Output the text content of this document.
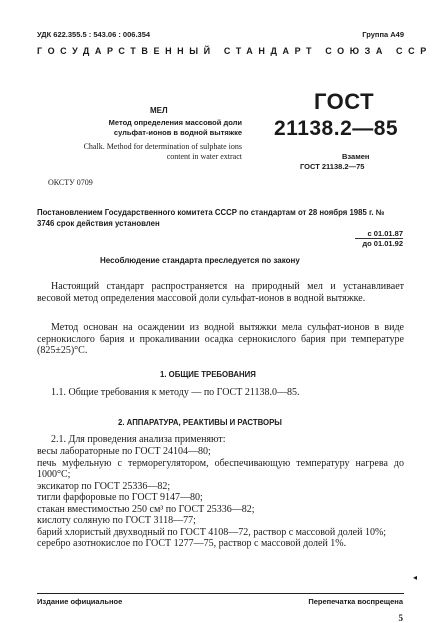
УДК 622.355.5 : 543.06 : 006.354	Группа А49
ГОСУДАРСТВЕННЫЙ СТАНДАРТ СОЮЗА ССР
МЕЛ
Метод определения массовой доли сульфат-ионов в водной вытяжке
Chalk. Method for determination of sulphate ions content in water extract
ГОСТ
21138.2—85
Взамен
ГОСТ 21138.2—75
ОКСТУ 0709
Постановлением Государственного комитета СССР по стандартам от 28 ноября 1985 г. № 3746 срок действия установлен
с 01.01.87
до 01.01.92
Несоблюдение стандарта преследуется по закону
Настоящий стандарт распространяется на природный мел и устанавливает весовой метод определения массовой доли сульфат-ионов в водной вытяжке.
Метод основан на осаждении из водной вытяжки мела сульфат-ионов в виде сернокислого бария и прокаливании осадка сернокислого бария при температуре (825±25)°С.
1. ОБЩИЕ ТРЕБОВАНИЯ
1.1. Общие требования к методу — по ГОСТ 21138.0—85.
2. АППАРАТУРА, РЕАКТИВЫ И РАСТВОРЫ
2.1. Для проведения анализа применяют:
весы лабораторные по ГОСТ 24104—80;
печь муфельную с терморегулятором, обеспечивающую температуру нагрева до 1000°С;
эксикатор по ГОСТ 25336—82;
тигли фарфоровые по ГОСТ 9147—80;
стакан вместимостью 250 см³ по ГОСТ 25336—82;
кислоту соляную по ГОСТ 3118—77;
барий хлористый двухводный по ГОСТ 4108—72, раствор с массовой долей 10%;
серебро азотнокислое по ГОСТ 1277—75, раствор с массовой долей 1%.
◂
Издание официальное	Перепечатка воспрещена
5
